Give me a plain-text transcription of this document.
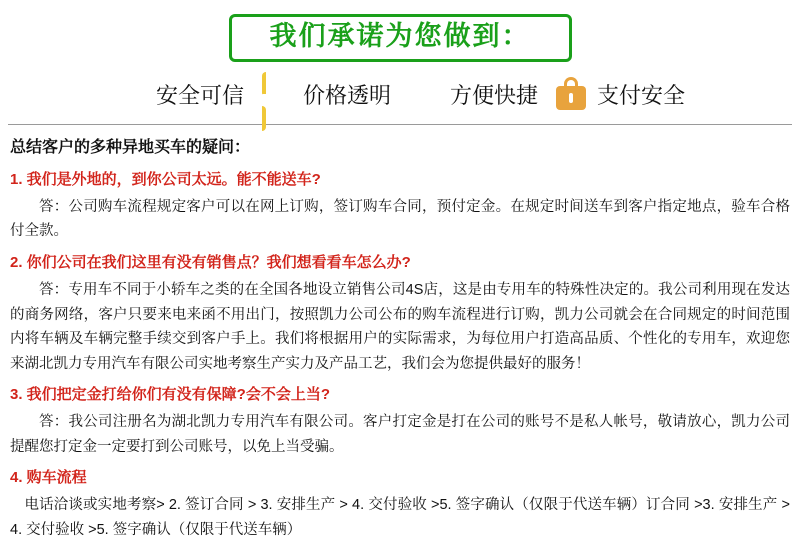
我们承诺为您做到：
安全可信	价格透明	方便快捷	支付安全
总结客户的多种异地买车的疑问：
1. 我们是外地的，到你公司太远。能不能送车?
答：公司购车流程规定客户可以在网上订购，签订购车合同，预付定金。在规定时间送车到客户指定地点，验车合格付全款。
2. 你们公司在我们这里有没有销售点？我们想看看车怎么办?
答：专用车不同于小轿车之类的在全国各地设立销售公司4S店，这是由专用车的特殊性决定的。我公司利用现在发达的商务网络，客户只要来电来函不用出门，按照凯力公司公布的购车流程进行订购，凯力公司就会在合同规定的时间范围内将车辆及车辆完整手续交到客户手上。我们将根据用户的实际需求，为每位用户打造高品质、个性化的专用车，欢迎您来湖北凯力专用汽车有限公司实地考察生产实力及产品工艺，我们会为您提供最好的服务！
3. 我们把定金打给你们有没有保障?会不会上当?
答：我公司注册名为湖北凯力专用汽车有限公司。客户打定金是打在公司的账号不是私人帐号，敬请放心，凯力公司提醒您打定金一定要打到公司账号，以免上当受骗。
4. 购车流程
电话洽谈或实地考察> 2. 签订合同 > 3. 安排生产 > 4. 交付验收 >5. 签字确认（仅限于代送车辆）订合同 >3. 安排生产 > 4. 交付验收 >5. 签字确认（仅限于代送车辆）
